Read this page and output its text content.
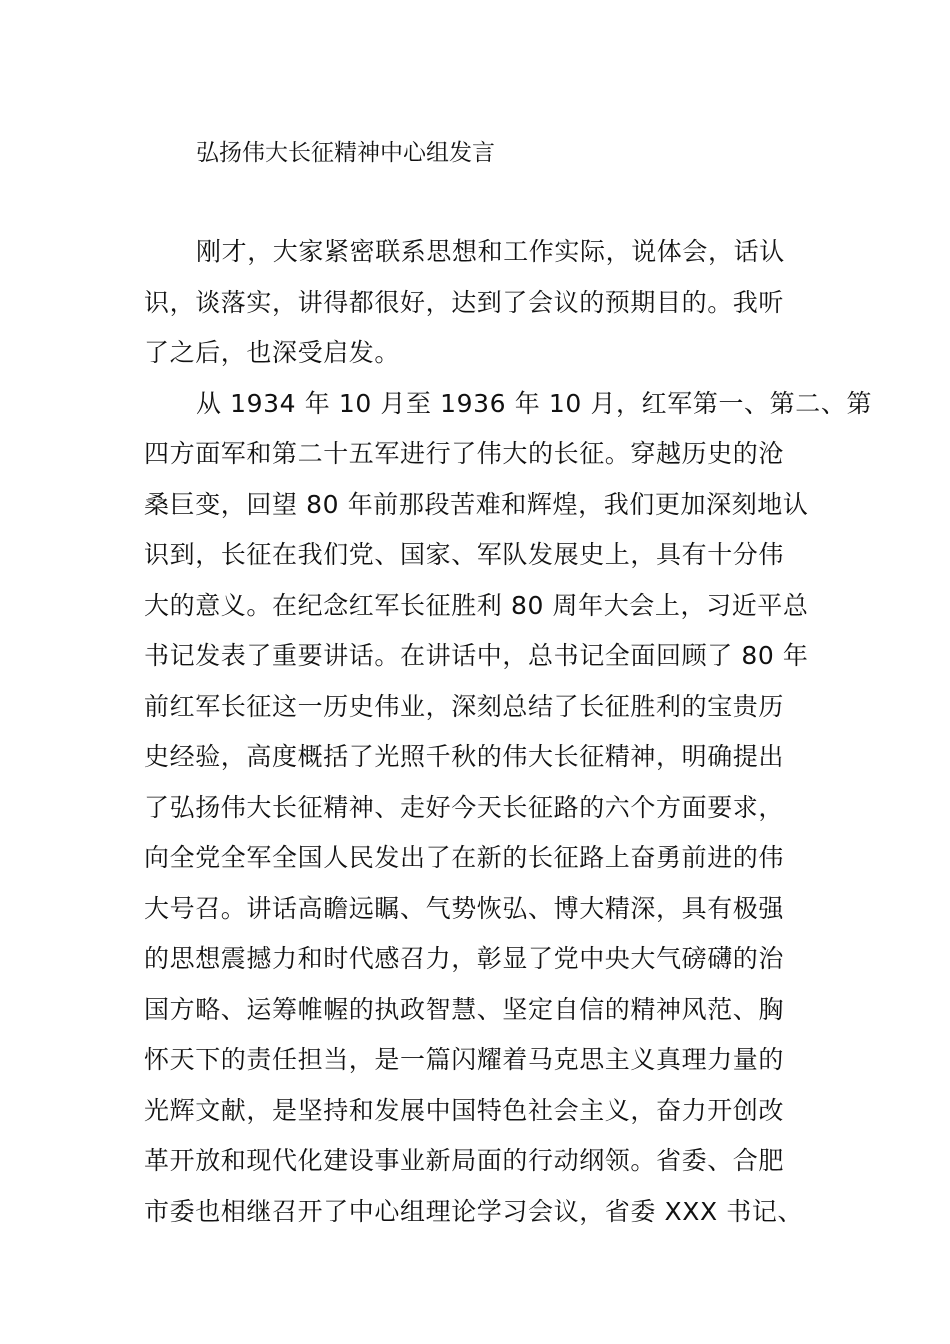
弘扬伟大长征精神中心组发言
刚才，大家紧密联系思想和工作实际，说体会，话认
识，谈落实，讲得都很好，达到了会议的预期目的。我听
了之后，也深受启发。
从 1934 年 10 月至 1936 年 10 月，红军第一、第二、第
四方面军和第二十五军进行了伟大的长征。穿越历史的沧
桑巨变，回望 80 年前那段苦难和辉煌，我们更加深刻地认
识到，长征在我们党、国家、军队发展史上，具有十分伟
大的意义。在纪念红军长征胜利 80 周年大会上，习近平总
书记发表了重要讲话。在讲话中，总书记全面回顾了 80 年
前红军长征这一历史伟业，深刻总结了长征胜利的宝贵历
史经验，高度概括了光照千秋的伟大长征精神，明确提出
了弘扬伟大长征精神、走好今天长征路的六个方面要求，
向全党全军全国人民发出了在新的长征路上奋勇前进的伟
大号召。讲话高瞻远瞩、气势恢弘、博大精深，具有极强
的思想震撼力和时代感召力，彰显了党中央大气磅礴的治
国方略、运筹帷幄的执政智慧、坚定自信的精神风范、胸
怀天下的责任担当，是一篇闪耀着马克思主义真理力量的
光辉文献，是坚持和发展中国特色社会主义，奋力开创改
革开放和现代化建设事业新局面的行动纲领。省委、合肥
市委也相继召开了中心组理论学习会议，省委 XXX 书记、
